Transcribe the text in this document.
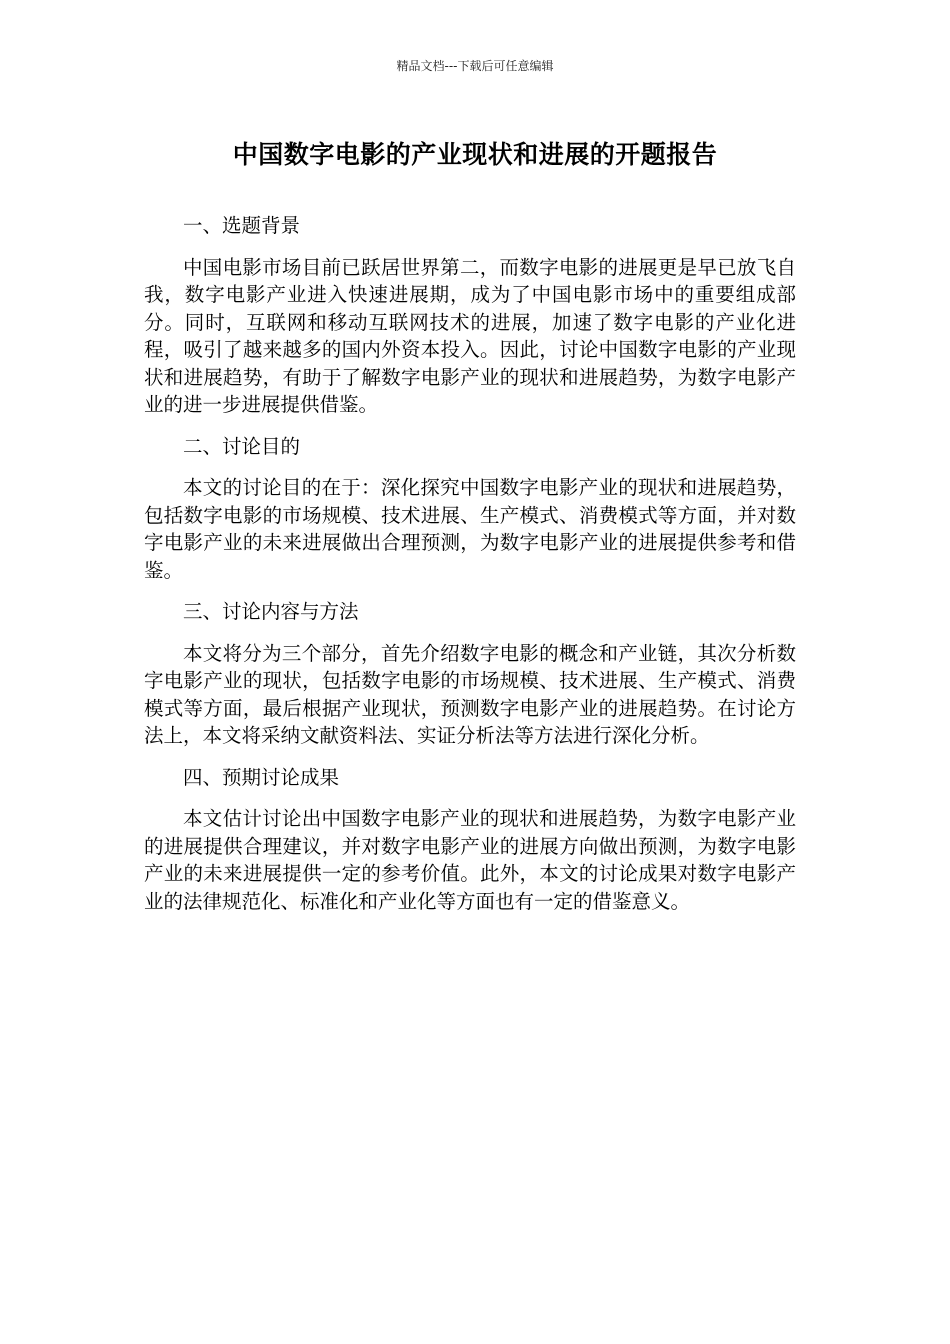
精品文档---下载后可任意编辑
中国数字电影的产业现状和进展的开题报告

一、选题背景

中国电影市场目前已跃居世界第二，而数字电影的进展更是早已放飞自我，数字电影产业进入快速进展期，成为了中国电影市场中的重要组成部分。同时，互联网和移动互联网技术的进展，加速了数字电影的产业化进程，吸引了越来越多的国内外资本投入。因此，讨论中国数字电影的产业现状和进展趋势，有助于了解数字电影产业的现状和进展趋势，为数字电影产业的进一步进展提供借鉴。

二、讨论目的

本文的讨论目的在于：深化探究中国数字电影产业的现状和进展趋势，包括数字电影的市场规模、技术进展、生产模式、消费模式等方面，并对数字电影产业的未来进展做出合理预测，为数字电影产业的进展提供参考和借鉴。

三、讨论内容与方法

本文将分为三个部分，首先介绍数字电影的概念和产业链，其次分析数字电影产业的现状，包括数字电影的市场规模、技术进展、生产模式、消费模式等方面，最后根据产业现状，预测数字电影产业的进展趋势。在讨论方法上，本文将采纳文献资料法、实证分析法等方法进行深化分析。

四、预期讨论成果

本文估计讨论出中国数字电影产业的现状和进展趋势，为数字电影产业的进展提供合理建议，并对数字电影产业的进展方向做出预测，为数字电影产业的未来进展提供一定的参考价值。此外，本文的讨论成果对数字电影产业的法律规范化、标准化和产业化等方面也有一定的借鉴意义。
